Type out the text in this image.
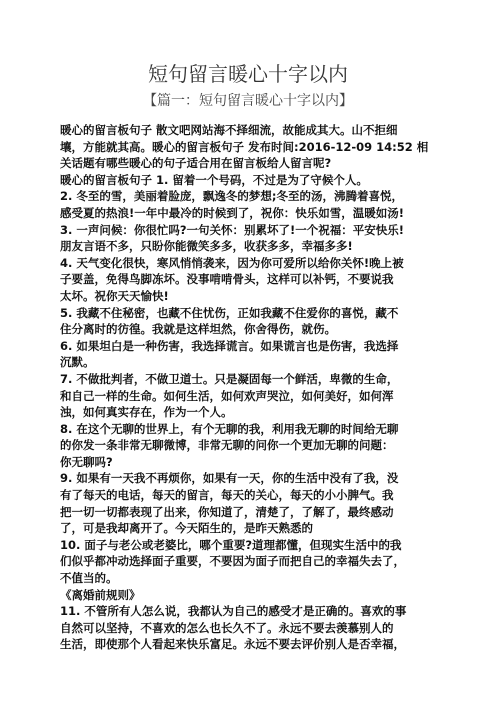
短句留言暖心十字以内
【篇一：短句留言暖心十字以内】
暖心的留言板句子 散文吧网站海不择细流，故能成其大。山不拒细
壤，方能就其高。暖心的留言板句子 发布时间:2016-12-09 14:52 相
关话题有哪些暖心的句子适合用在留言板给人留言呢?
暖心的留言板句子 1. 留着一个号码，不过是为了守候个人。
2. 冬至的雪，美丽着脸庞，飘逸冬的梦想;冬至的汤，沸腾着喜悦，
感受夏的热浪!一年中最冷的时候到了，祝你：快乐如雪，温暖如汤!
3. 一声问候：你很忙吗?一句关怀：别累坏了!一个祝福：平安快乐!
朋友言语不多，只盼你能微笑多多，收获多多，幸福多多!
4. 天气变化很快，寒风悄悄袭来，因为你可爱所以给你关怀!晚上被
子要盖，免得鸟脚冻坏。没事啃啃骨头，这样可以补钙，不要说我
太坏。祝你天天愉快!
5. 我藏不住秘密，也藏不住忧伤，正如我藏不住爱你的喜悦，藏不
住分离时的彷徨。我就是这样坦然，你舍得伤，就伤。
6. 如果坦白是一种伤害，我选择谎言。如果谎言也是伤害，我选择
沉默。
7. 不做批判者，不做卫道士。只是凝固每一个鲜活，卑微的生命，
和自己一样的生命。如何生活，如何欢声哭泣，如何美好，如何浑
浊，如何真实存在，作为一个人。
8. 在这个无聊的世界上，有个无聊的我，利用我无聊的时间给无聊
的你发一条非常无聊微博，非常无聊的问你一个更加无聊的问题：
你无聊吗?
9. 如果有一天我不再烦你，如果有一天，你的生活中没有了我，没
有了每天的电话，每天的留言，每天的关心，每天的小小脾气。我
把一切一切都表现了出来，你知道了，清楚了，了解了，最终感动
了，可是我却离开了。今天陌生的，是昨天熟悉的
10. 面子与老公或老婆比，哪个重要?道理都懂，但现实生活中的我
们似乎都冲动选择面子重要，不要因为面子而把自己的幸福失去了，
不值当的。
《离婚前规则》
11. 不管所有人怎么说，我都认为自己的感受才是正确的。喜欢的事
自然可以坚持，不喜欢的怎么也长久不了。永远不要去羡慕别人的
生活，即使那个人看起来快乐富足。永远不要去评价别人是否幸福，
